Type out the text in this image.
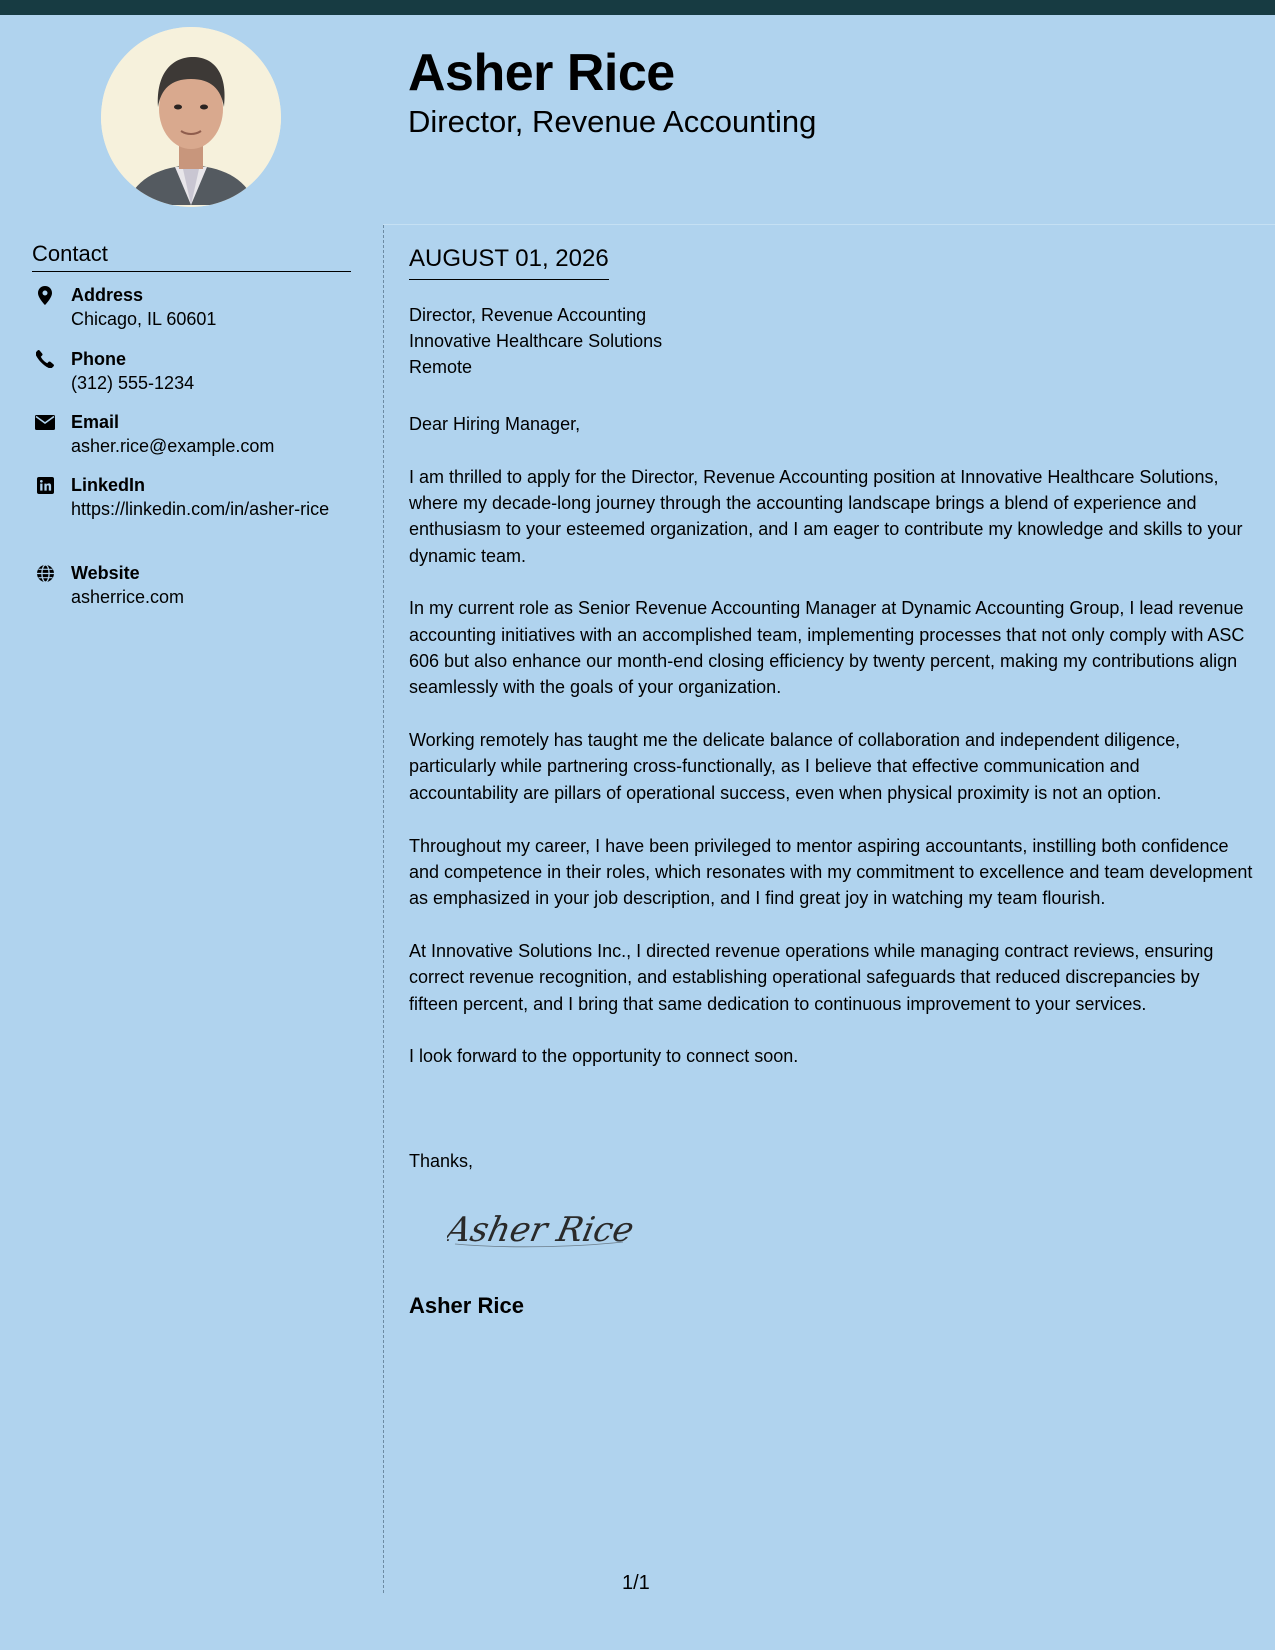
Asher Rice
Director, Revenue Accounting
Contact
Address
Chicago, IL 60601
Phone
(312) 555-1234
Email
asher.rice@example.com
LinkedIn
https://linkedin.com/in/asher-rice
Website
asherrice.com
AUGUST 01, 2026
Director, Revenue Accounting
Innovative Healthcare Solutions
Remote

Dear Hiring Manager,

I am thrilled to apply for the Director, Revenue Accounting position at Innovative Healthcare Solutions, where my decade-long journey through the accounting landscape brings a blend of experience and enthusiasm to your esteemed organization, and I am eager to contribute my knowledge and skills to your dynamic team.

In my current role as Senior Revenue Accounting Manager at Dynamic Accounting Group, I lead revenue accounting initiatives with an accomplished team, implementing processes that not only comply with ASC 606 but also enhance our month-end closing efficiency by twenty percent, making my contributions align seamlessly with the goals of your organization.

Working remotely has taught me the delicate balance of collaboration and independent diligence, particularly while partnering cross-functionally, as I believe that effective communication and accountability are pillars of operational success, even when physical proximity is not an option.

Throughout my career, I have been privileged to mentor aspiring accountants, instilling both confidence and competence in their roles, which resonates with my commitment to excellence and team development as emphasized in your job description, and I find great joy in watching my team flourish.

At Innovative Solutions Inc., I directed revenue operations while managing contract reviews, ensuring correct revenue recognition, and establishing operational safeguards that reduced discrepancies by fifteen percent, and I bring that same dedication to continuous improvement to your services.

I look forward to the opportunity to connect soon.

Thanks,
Asher Rice
Asher Rice
1/1
